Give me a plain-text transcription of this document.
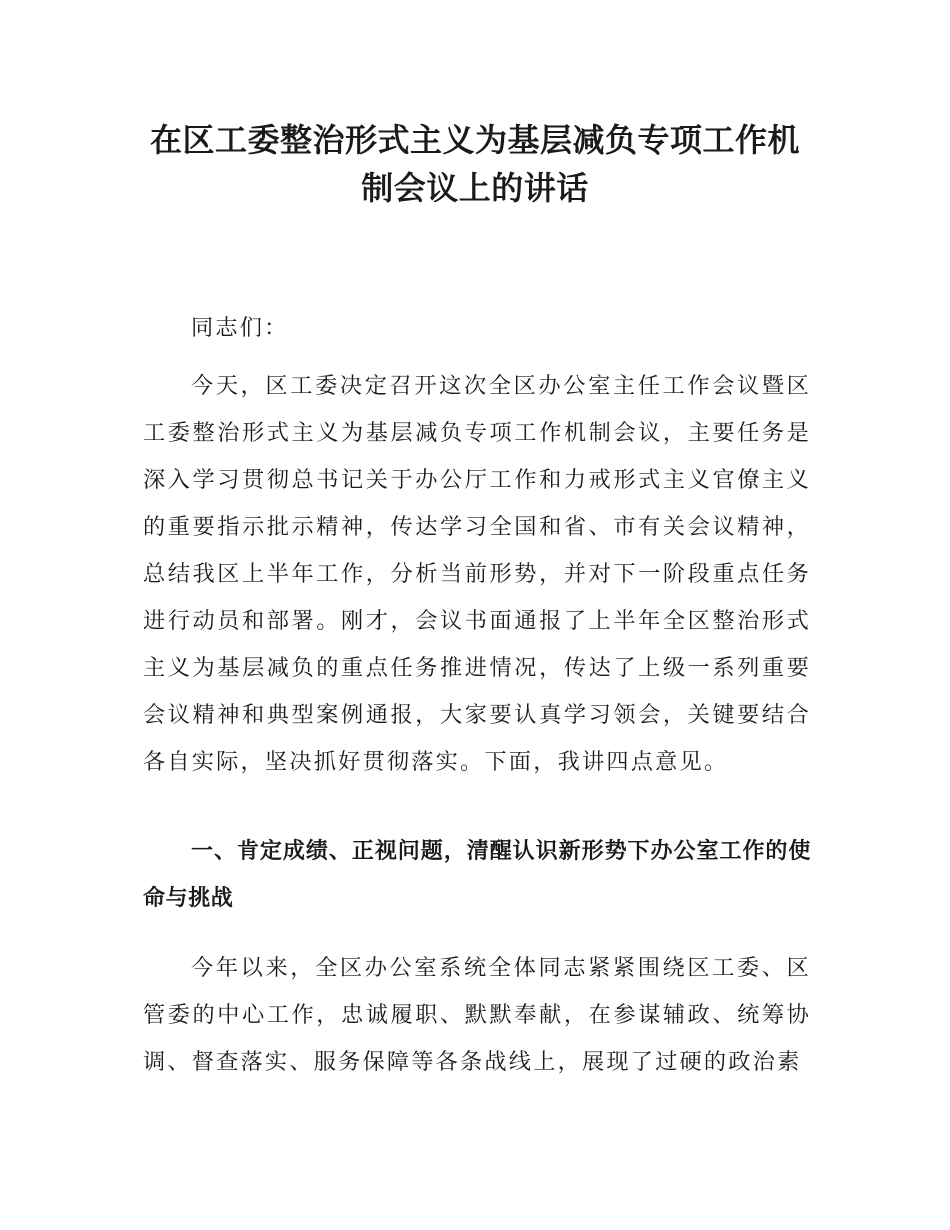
在区工委整治形式主义为基层减负专项工作机制会议上的讲话

同志们：

今天，区工委决定召开这次全区办公室主任工作会议暨区工委整治形式主义为基层减负专项工作机制会议，主要任务是深入学习贯彻总书记关于办公厅工作和力戒形式主义官僚主义的重要指示批示精神，传达学习全国和省、市有关会议精神，总结我区上半年工作，分析当前形势，并对下一阶段重点任务进行动员和部署。刚才，会议书面通报了上半年全区整治形式主义为基层减负的重点任务推进情况，传达了上级一系列重要会议精神和典型案例通报，大家要认真学习领会，关键要结合各自实际，坚决抓好贯彻落实。下面，我讲四点意见。

一、肯定成绩、正视问题，清醒认识新形势下办公室工作的使命与挑战

今年以来，全区办公室系统全体同志紧紧围绕区工委、区管委的中心工作，忠诚履职、默默奉献，在参谋辅政、统筹协调、督查落实、服务保障等各条战线上，展现了过硬的政治素
